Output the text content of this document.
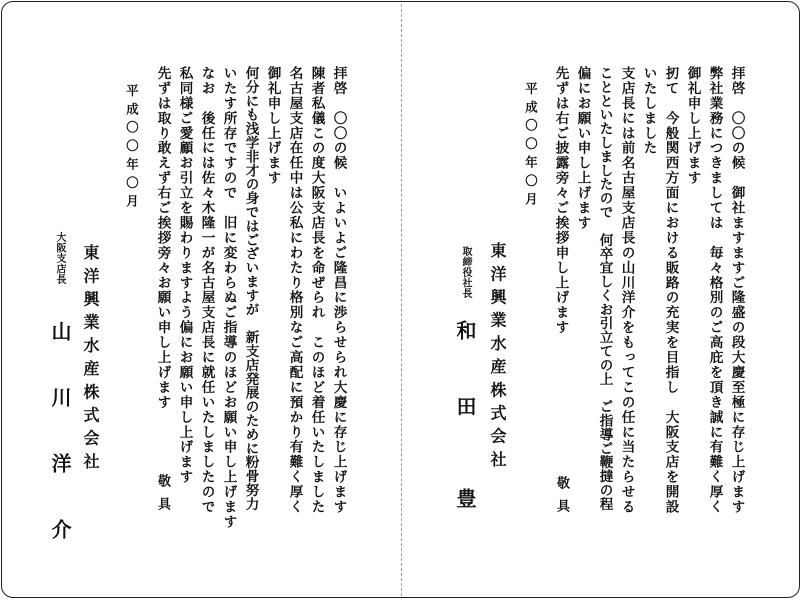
拝啓　〇〇の候　御社ますますご隆盛の段大慶至極に存じ上げます

弊社業務につきましては　毎々格別のご高庇を頂き誠に有難く厚く

御礼申し上げます

扨て　今般関西方面における販路の充実を目指し　大阪支店を開設

いたしました

支店長には前名古屋支店長の山川洋介をもってこの任に当たらせる

ことといたしましたので　何卒宜しくお引立ての上　ご指導ご鞭撻の程

偏にお願い申し上げます

先ずは右ご披露旁々ご挨拶申し上げます

敬具

平成〇〇年〇月

東洋興業水産株式会社

取締役社長

和

田　豊

拝啓　〇〇の候　いよいよご隆昌に渉らせられ大慶に存じ上げます

陳者私儀この度大阪支店長を命ぜられ　このほど着任いたしました

名古屋支店在任中は公私にわたり格別なご高配に預かり有難く厚く

御礼申し上げます

何分にも浅学非才の身ではございますが　新支店発展のために粉骨努力

いたす所存ですので　旧に変わらぬご指導のほどお願い申し上げます

なお　後任には佐々木隆一が名古屋支店長に就任いたしましたので

私同様ご愛顧お引立を賜わりますよう偏にお願い申し上げます

先ずは取り敢えず右ご挨拶旁々お願い申し上げます

敬具

平成〇〇年〇月

東洋興業水産株式会社

大阪支店長

山川

洋介
